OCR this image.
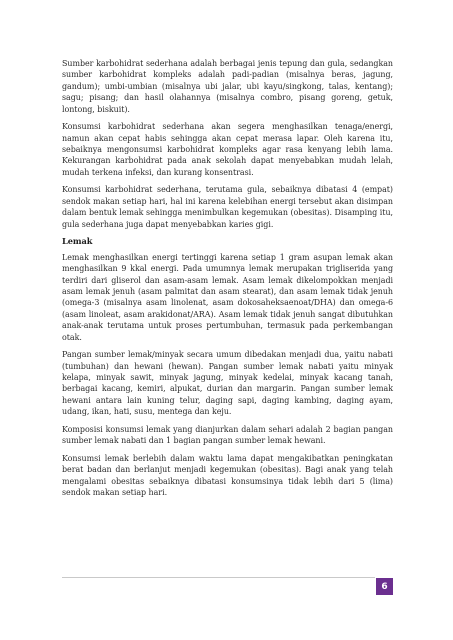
Sumber karbohidrat sederhana adalah berbagai jenis tepung dan gula, sedangkan sumber karbohidrat kompleks adalah padi-padian (misalnya beras, jagung, gandum); umbi-umbian (misalnya ubi jalar, ubi kayu/singkong, talas, kentang); sagu; pisang; dan hasil olahannya (misalnya combro, pisang goreng, getuk, lontong, biskuit).

Konsumsi karbohidrat sederhana akan segera menghasilkan tenaga/energi, namun akan cepat habis sehingga akan cepat merasa lapar. Oleh karena itu, sebaiknya mengonsumsi karbohidrat kompleks agar rasa kenyang lebih lama. Kekurangan karbohidrat pada anak sekolah dapat menyebabkan mudah lelah, mudah terkena infeksi, dan kurang konsentrasi.

Konsumsi karbohidrat sederhana, terutama gula, sebaiknya dibatasi 4 (empat) sendok makan setiap hari, hal ini karena kelebihan energi tersebut akan disimpan dalam bentuk lemak sehingga menimbulkan kegemukan (obesitas). Disamping itu, gula sederhana juga dapat menyebabkan karies gigi.

Lemak

Lemak menghasilkan energi tertinggi karena setiap 1 gram asupan lemak akan menghasilkan 9 kkal energi. Pada umumnya lemak merupakan trigliserida yang terdiri dari gliserol dan asam-asam lemak. Asam lemak dikelompokkan menjadi asam lemak jenuh (asam palmitat dan asam stearat), dan asam lemak tidak jenuh (omega-3 (misalnya asam linolenat, asam dokosaheksaenoat/DHA) dan omega-6 (asam linoleat, asam arakidonat/ARA). Asam lemak tidak jenuh sangat dibutuhkan anak-anak terutama untuk proses pertumbuhan, termasuk pada perkembangan otak.

Pangan sumber lemak/minyak secara umum dibedakan menjadi dua, yaitu nabati (tumbuhan) dan hewani (hewan). Pangan sumber lemak nabati yaitu minyak kelapa, minyak sawit, minyak jagung, minyak kedelai, minyak kacang tanah, berbagai kacang, kemiri, alpukat, durian dan margarin. Pangan sumber lemak hewani antara lain kuning telur, daging sapi, daging kambing, daging ayam, udang, ikan, hati, susu, mentega dan keju.

Komposisi konsumsi lemak yang dianjurkan dalam sehari adalah 2 bagian pangan sumber lemak nabati dan 1 bagian pangan sumber lemak hewani.

Konsumsi lemak berlebih dalam waktu lama dapat mengakibatkan peningkatan berat badan dan berlanjut menjadi kegemukan (obesitas). Bagi anak yang telah mengalami obesitas sebaiknya dibatasi konsumsinya tidak lebih dari 5 (lima) sendok makan setiap hari.

6
